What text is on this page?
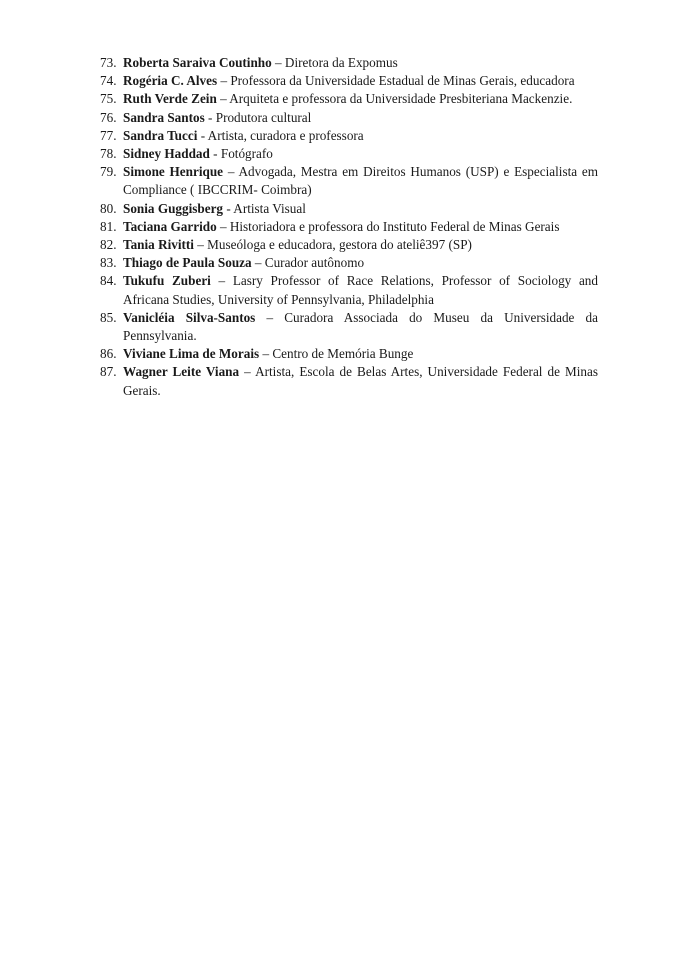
73. Roberta Saraiva Coutinho – Diretora da Expomus
74. Rogéria C. Alves – Professora da Universidade Estadual de Minas Gerais, educadora
75. Ruth Verde Zein – Arquiteta e professora da Universidade Presbiteriana Mackenzie.
76. Sandra Santos - Produtora cultural
77. Sandra Tucci - Artista, curadora e professora
78. Sidney Haddad - Fotógrafo
79. Simone Henrique – Advogada, Mestra em Direitos Humanos (USP) e Especialista em Compliance ( IBCCRIM- Coimbra)
80. Sonia Guggisberg - Artista Visual
81. Taciana Garrido – Historiadora e professora do Instituto Federal de Minas Gerais
82. Tania Rivitti – Museóloga e educadora, gestora do ateliê397 (SP)
83. Thiago de Paula Souza – Curador autônomo
84. Tukufu Zuberi – Lasry Professor of Race Relations, Professor of Sociology and Africana Studies, University of Pennsylvania, Philadelphia
85. Vanicléia Silva-Santos – Curadora Associada do Museu da Universidade da Pennsylvania.
86. Viviane Lima de Morais – Centro de Memória Bunge
87. Wagner Leite Viana – Artista, Escola de Belas Artes, Universidade Federal de Minas Gerais.
